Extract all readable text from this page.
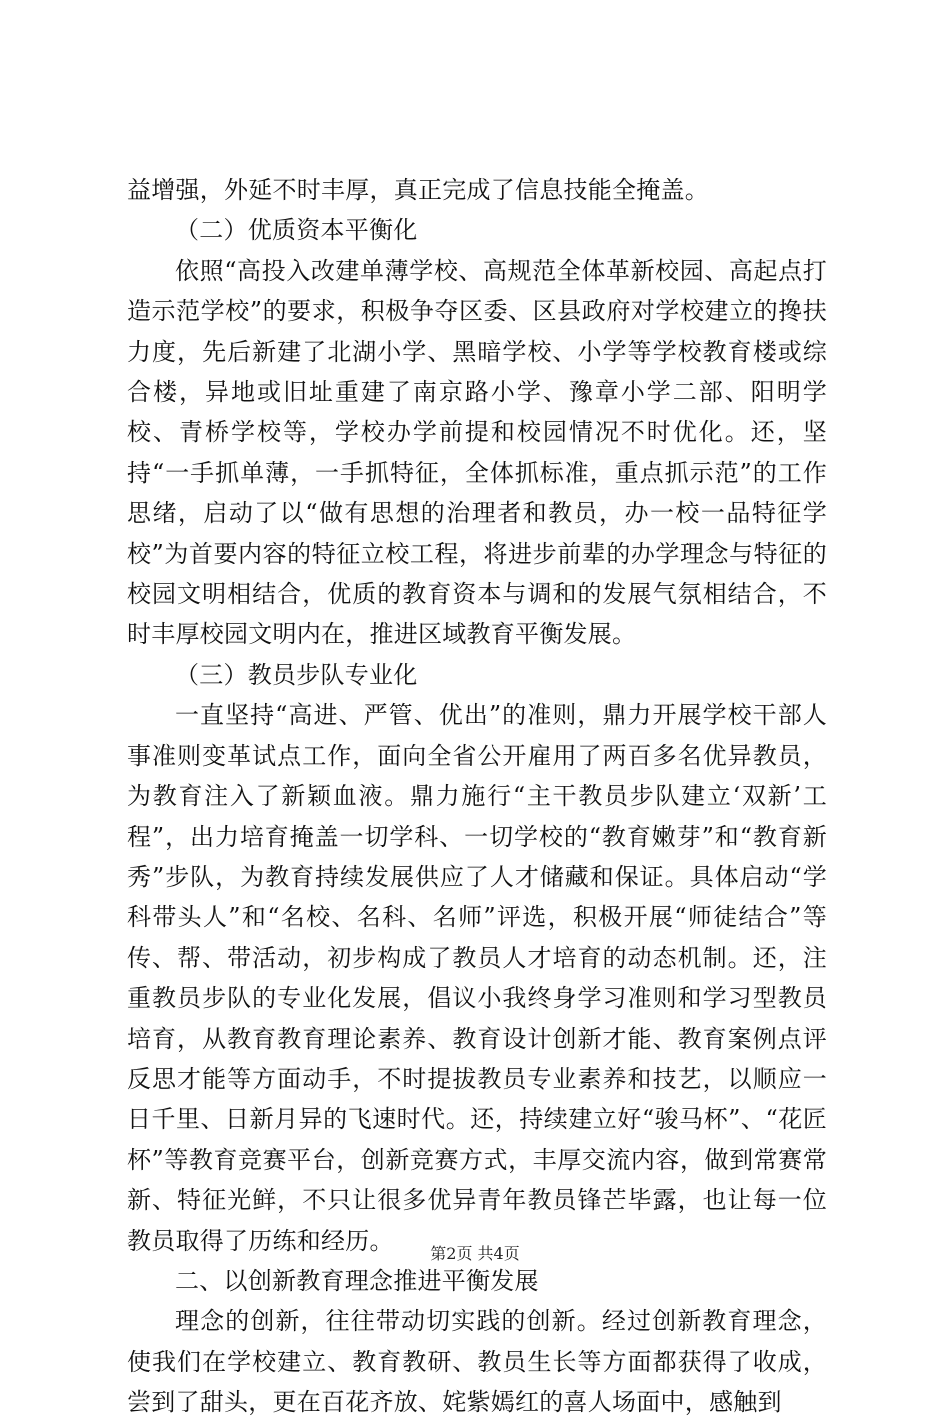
益增强，外延不时丰厚，真正完成了信息技能全掩盖。

（二）优质资本平衡化

依照“高投入改建单薄学校、高规范全体革新校园、高起点打造示范学校”的要求，积极争夺区委、区县政府对学校建立的搀扶力度，先后新建了北湖小学、黑暗学校、小学等学校教育楼或综合楼，异地或旧址重建了南京路小学、豫章小学二部、阳明学校、青桥学校等，学校办学前提和校园情况不时优化。还，坚持“一手抓单薄，一手抓特征，全体抓标准，重点抓示范”的工作思绪，启动了以“做有思想的治理者和教员，办一校一品特征学校”为首要内容的特征立校工程，将进步前辈的办学理念与特征的校园文明相结合，优质的教育资本与调和的发展气氛相结合，不时丰厚校园文明内在，推进区域教育平衡发展。

（三）教员步队专业化

一直坚持“高进、严管、优出”的准则，鼎力开展学校干部人事准则变革试点工作，面向全省公开雇用了两百多名优异教员，为教育注入了新颖血液。鼎力施行“主干教员步队建立‘双新’工程”，出力培育掩盖一切学科、一切学校的“教育嫩芽”和“教育新秀”步队，为教育持续发展供应了人才储藏和保证。具体启动“学科带头人”和“名校、名科、名师”评选，积极开展“师徒结合”等传、帮、带活动，初步构成了教员人才培育的动态机制。还，注重教员步队的专业化发展，倡议小我终身学习准则和学习型教员培育，从教育教育理论素养、教育设计创新才能、教育案例点评反思才能等方面动手，不时提拔教员专业素养和技艺，以顺应一日千里、日新月异的飞速时代。还，持续建立好“骏马杯”、“花匠杯”等教育竞赛平台，创新竞赛方式，丰厚交流内容，做到常赛常新、特征光鲜，不只让很多优异青年教员锋芒毕露，也让每一位教员取得了历练和经历。

二、以创新教育理念推进平衡发展

理念的创新，往往带动切实践的创新。经过创新教育理念，使我们在学校建立、教育教研、教员生长等方面都获得了收成，尝到了甜头，更在百花齐放、姹紫嫣红的喜人场面中，感触到

第2页 共4页
